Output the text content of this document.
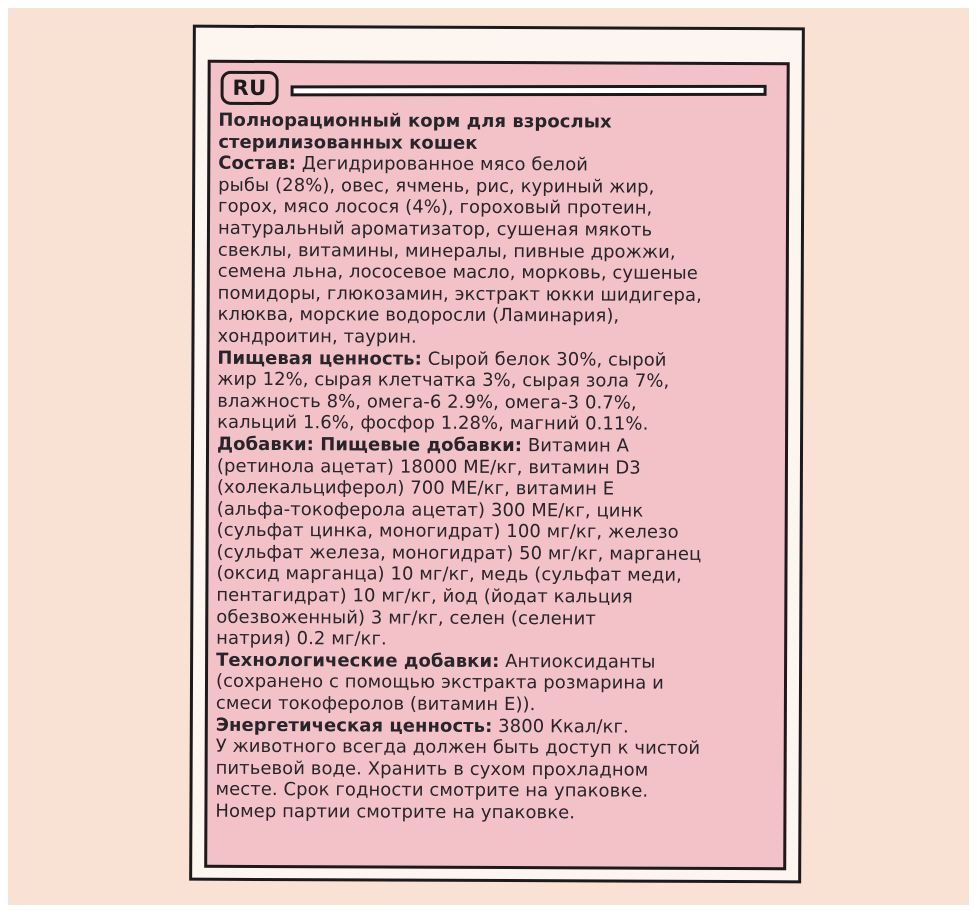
RU

Полнорационный корм для взрослых

стерилизованных кошек

Состав: Дегидрированное мясо белой

рыбы (28%), овес, ячмень, рис, куриный жир,

горох, мясо лосося (4%), гороховый протеин,

натуральный ароматизатор, сушеная мякоть

свеклы, витамины, минералы, пивные дрожжи,

семена льна, лососевое масло, морковь, сушеные

помидоры, глюкозамин, экстракт юкки шидигера,

клюква, морские водоросли (Ламинария),

хондроитин, таурин.

Пищевая ценность: Сырой белок 30%, сырой

жир 12%, сырая клетчатка 3%, сырая зола 7%,

влажность 8%, омега-6 2.9%, омега-3 0.7%,

кальций 1.6%, фосфор 1.28%, магний 0.11%.

Добавки: Пищевые добавки: Витамин А

(ретинола ацетат) 18000 МЕ/кг, витамин D3

(холекальциферол) 700 МЕ/кг, витамин Е

(альфа-токоферола ацетат) 300 МЕ/кг, цинк

(сульфат цинка, моногидрат) 100 мг/кг, железо

(сульфат железа, моногидрат) 50 мг/кг, марганец

(оксид марганца) 10 мг/кг, медь (сульфат меди,

пентагидрат) 10 мг/кг, йод (йодат кальция

обезвоженный) 3 мг/кг, селен (селенит

натрия) 0.2 мг/кг.

Технологические добавки: Антиоксиданты

(сохранено с помощью экстракта розмарина и

смеси токоферолов (витамин Е)).

Энергетическая ценность: 3800 Ккал/кг.

У животного всегда должен быть доступ к чистой

питьевой воде. Хранить в сухом прохладном

месте. Срок годности смотрите на упаковке.

Номер партии смотрите на упаковке.
